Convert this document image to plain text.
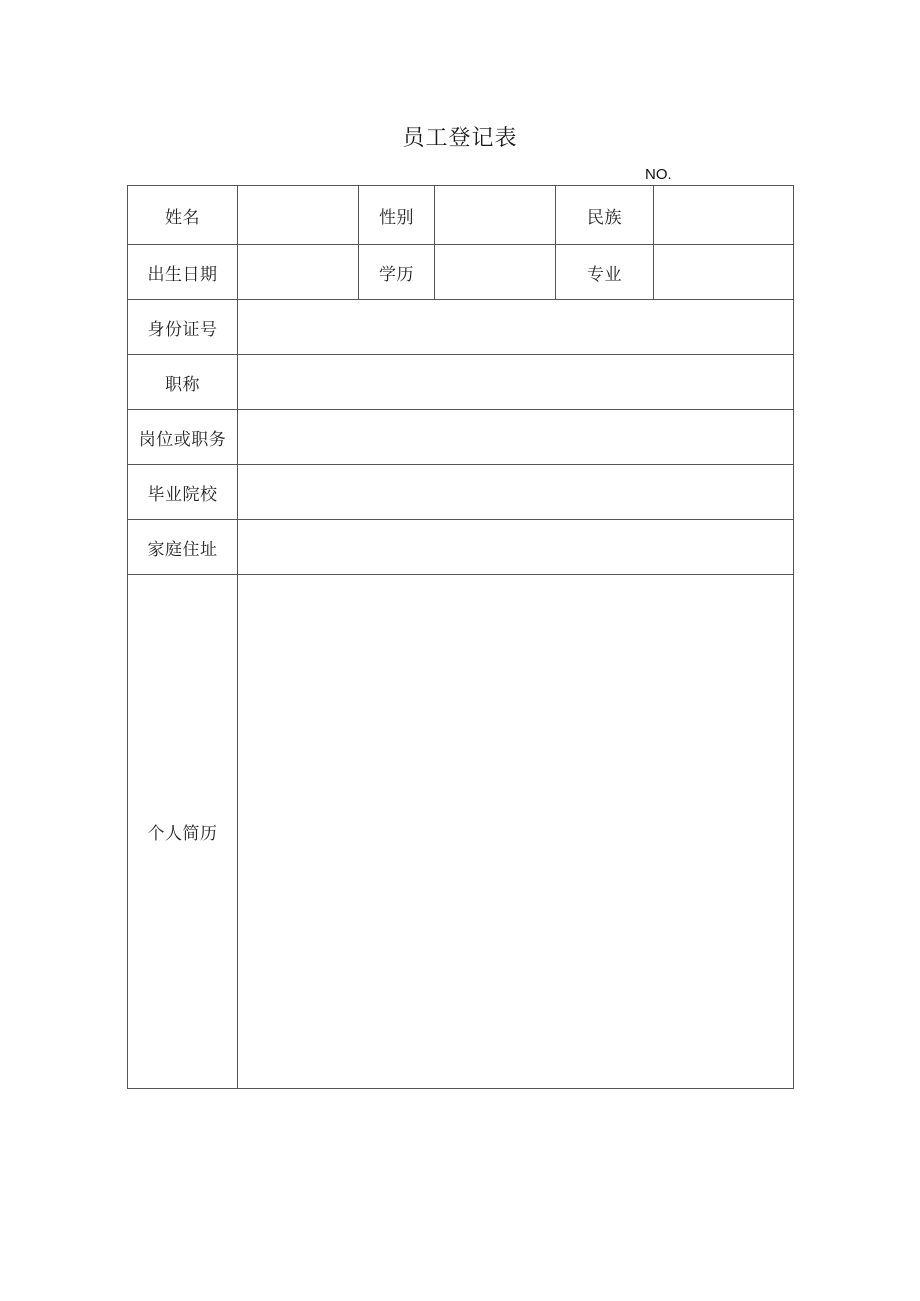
员工登记表
NO.
姓名		性别		民族	
出生日期		学历		专业	
身份证号					
职称					
岗位或职务					
毕业院校					
家庭住址					
个人简历					
